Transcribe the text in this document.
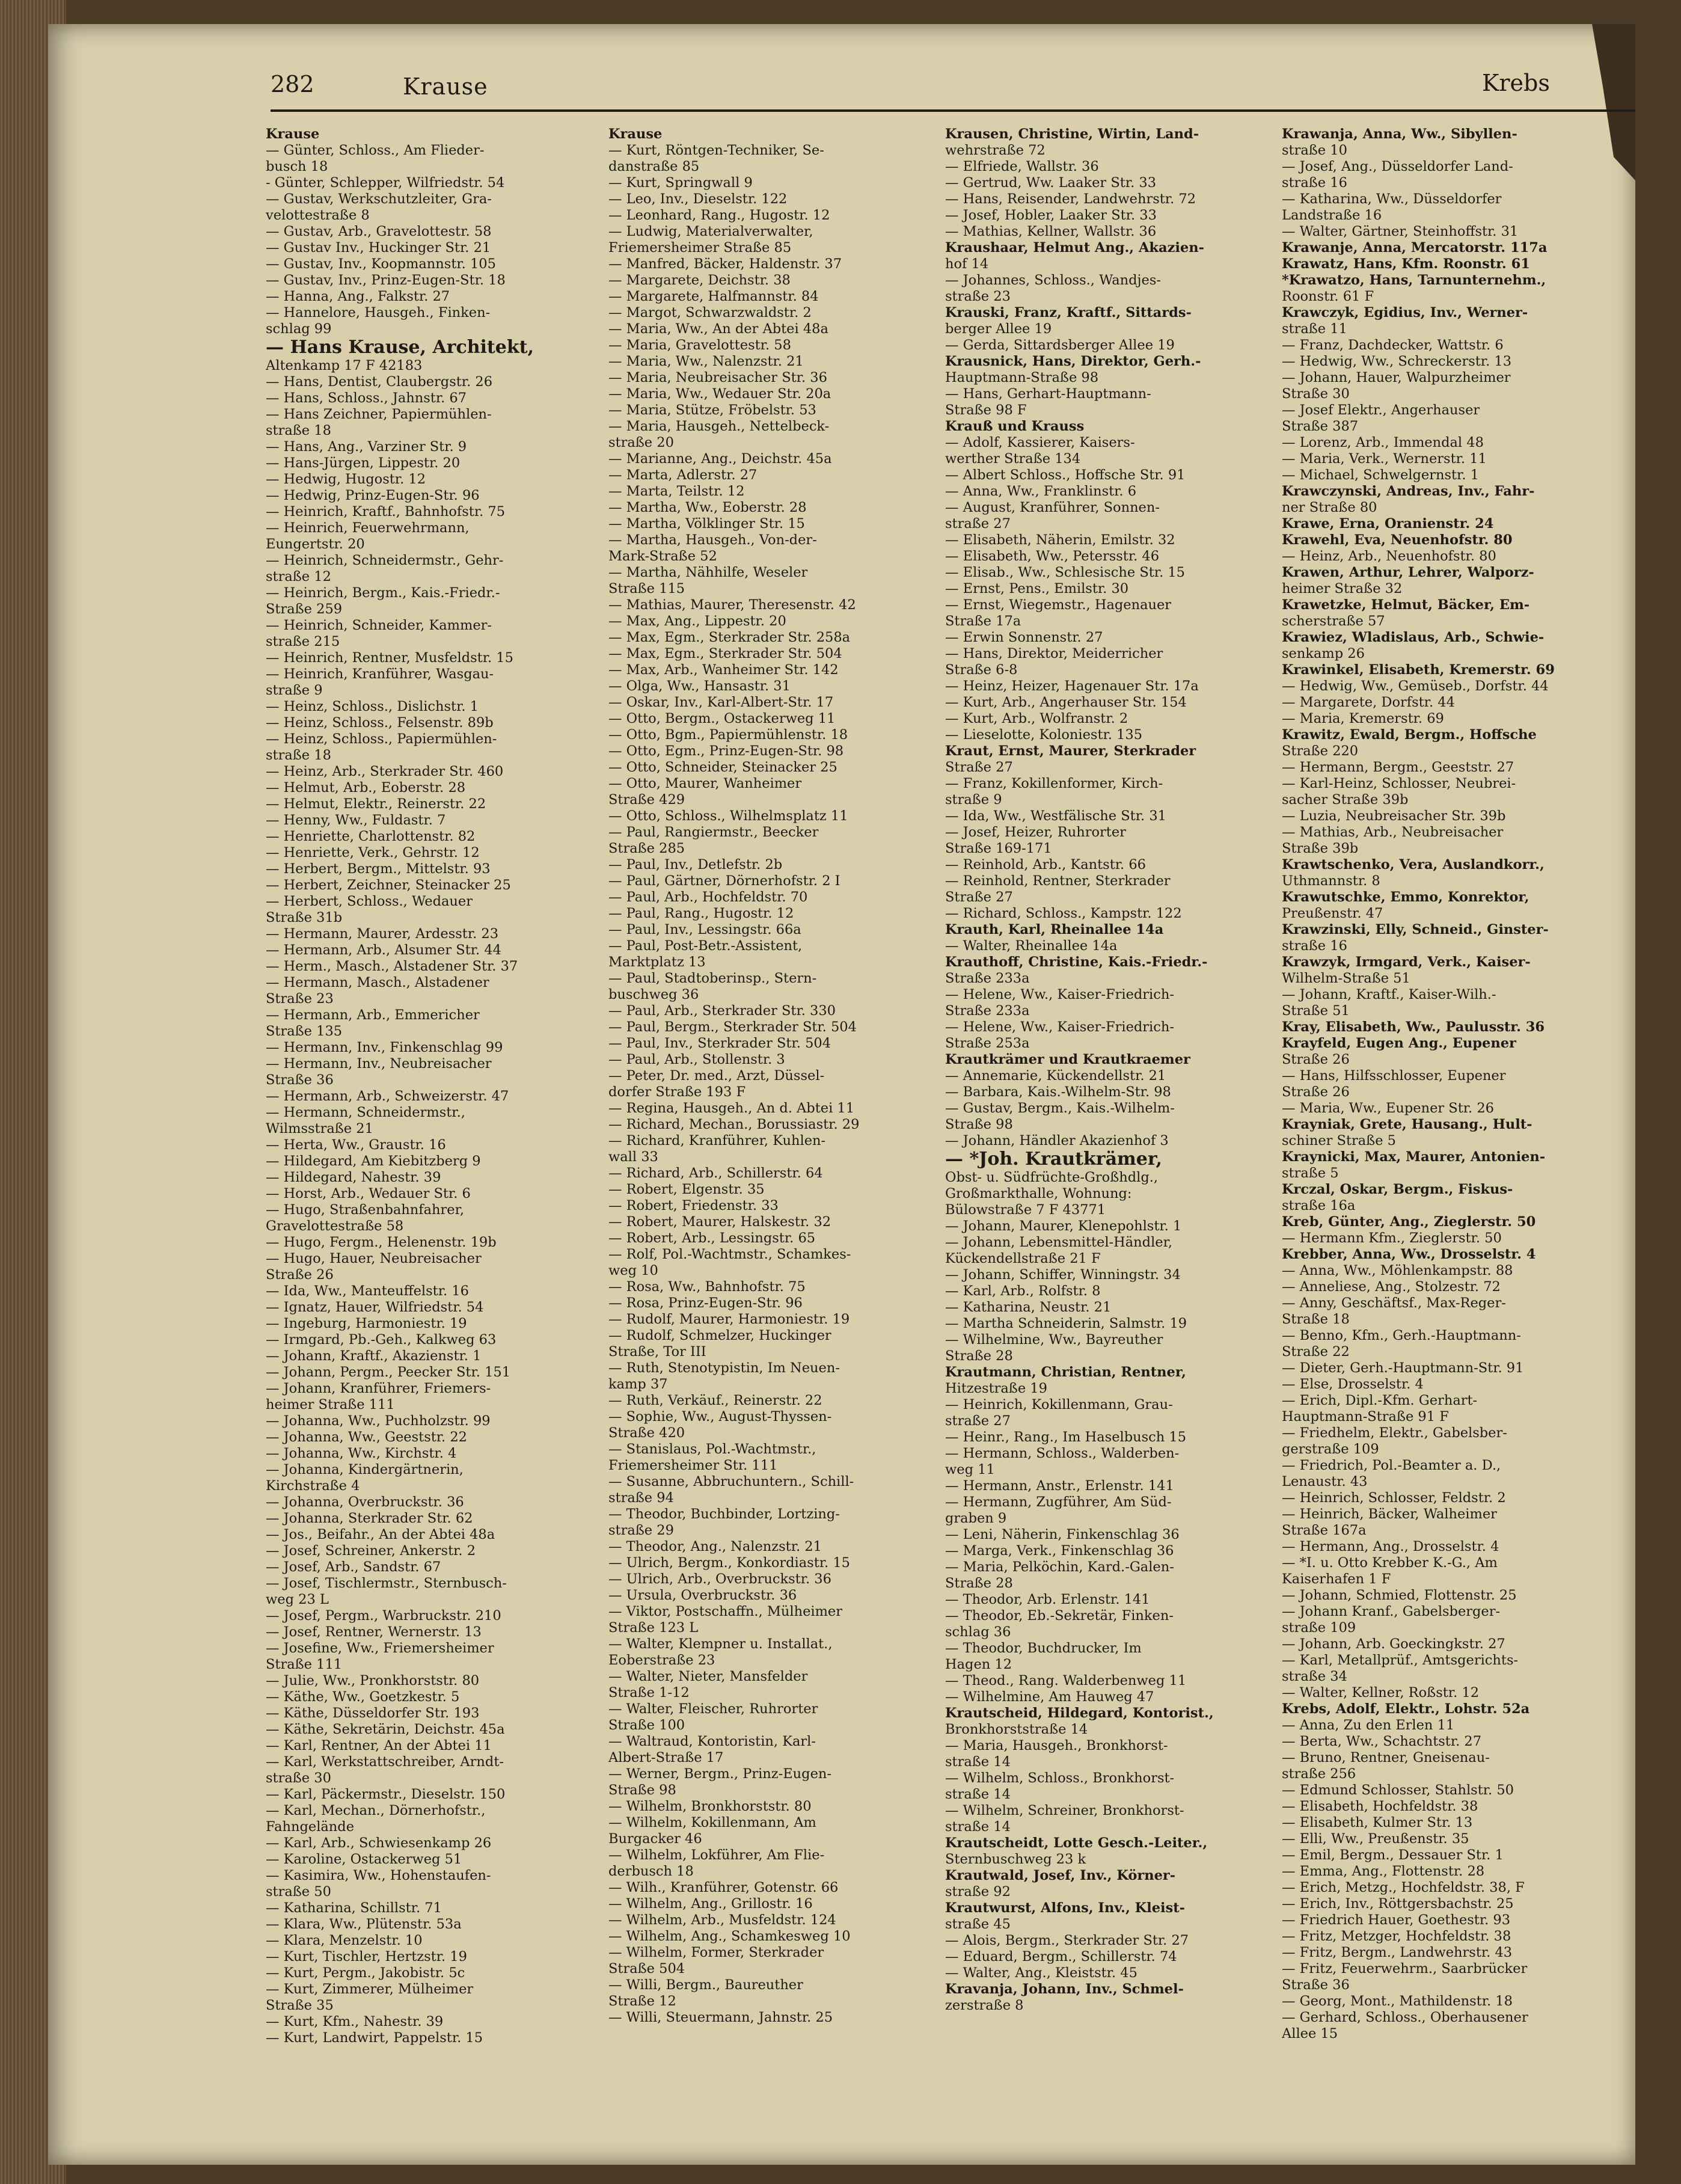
282	Krause	Krebs

Krause

— Günter, Schloss., Am Flieder-

busch 18

- Günter, Schlepper, Wilfriedstr. 54

— Gustav, Werkschutzleiter, Gra-

velottestraße 8

— Gustav, Arb., Gravelottestr. 58

— Gustav Inv., Huckinger Str. 21

— Gustav, Inv., Koopmannstr. 105

— Gustav, Inv., Prinz-Eugen-Str. 18

— Hanna, Ang., Falkstr. 27

— Hannelore, Hausgeh., Finken-

schlag 99

— Hans Krause, Architekt,

Altenkamp 17 F 42183

— Hans, Dentist, Claubergstr. 26

— Hans, Schloss., Jahnstr. 67

— Hans Zeichner, Papiermühlen-

straße 18

— Hans, Ang., Varziner Str. 9

— Hans-Jürgen, Lippestr. 20

— Hedwig, Hugostr. 12

— Hedwig, Prinz-Eugen-Str. 96

— Heinrich, Kraftf., Bahnhofstr. 75

— Heinrich, Feuerwehrmann,

Eungertstr. 20

— Heinrich, Schneidermstr., Gehr-

straße 12

— Heinrich, Bergm., Kais.-Friedr.-

Straße 259

— Heinrich, Schneider, Kammer-

straße 215

— Heinrich, Rentner, Musfeldstr. 15

— Heinrich, Kranführer, Wasgau-

straße 9

— Heinz, Schloss., Dislichstr. 1

— Heinz, Schloss., Felsenstr. 89b

— Heinz, Schloss., Papiermühlen-

straße 18

— Heinz, Arb., Sterkrader Str. 460

— Helmut, Arb., Eoberstr. 28

— Helmut, Elektr., Reinerstr. 22

— Henny, Ww., Fuldastr. 7

— Henriette, Charlottenstr. 82

— Henriette, Verk., Gehrstr. 12

— Herbert, Bergm., Mittelstr. 93

— Herbert, Zeichner, Steinacker 25

— Herbert, Schloss., Wedauer

Straße 31b

— Hermann, Maurer, Ardesstr. 23

— Hermann, Arb., Alsumer Str. 44

— Herm., Masch., Alstadener Str. 37

— Hermann, Masch., Alstadener

Straße 23

— Hermann, Arb., Emmericher

Straße 135

— Hermann, Inv., Finkenschlag 99

— Hermann, Inv., Neubreisacher

Straße 36

— Hermann, Arb., Schweizerstr. 47

— Hermann, Schneidermstr.,

Wilmsstraße 21

— Herta, Ww., Graustr. 16

— Hildegard, Am Kiebitzberg 9

— Hildegard, Nahestr. 39

— Horst, Arb., Wedauer Str. 6

— Hugo, Straßenbahnfahrer,

Gravelottestraße 58

— Hugo, Fergm., Helenenstr. 19b

— Hugo, Hauer, Neubreisacher

Straße 26

— Ida, Ww., Manteuffelstr. 16

— Ignatz, Hauer, Wilfriedstr. 54

— Ingeburg, Harmoniestr. 19

— Irmgard, Pb.-Geh., Kalkweg 63

— Johann, Kraftf., Akazienstr. 1

— Johann, Pergm., Peecker Str. 151

— Johann, Kranführer, Friemers-

heimer Straße 111

— Johanna, Ww., Puchholzstr. 99

— Johanna, Ww., Geeststr. 22

— Johanna, Ww., Kirchstr. 4

— Johanna, Kindergärtnerin,

Kirchstraße 4

— Johanna, Overbruckstr. 36

— Johanna, Sterkrader Str. 62

— Jos., Beifahr., An der Abtei 48a

— Josef, Schreiner, Ankerstr. 2

— Josef, Arb., Sandstr. 67

— Josef, Tischlermstr., Sternbusch-

weg 23 L

— Josef, Pergm., Warbruckstr. 210

— Josef, Rentner, Wernerstr. 13

— Josefine, Ww., Friemersheimer

Straße 111

— Julie, Ww., Pronkhorststr. 80

— Käthe, Ww., Goetzkestr. 5

— Käthe, Düsseldorfer Str. 193

— Käthe, Sekretärin, Deichstr. 45a

— Karl, Rentner, An der Abtei 11

— Karl, Werkstattschreiber, Arndt-

straße 30

— Karl, Päckermstr., Dieselstr. 150

— Karl, Mechan., Dörnerhofstr.,

Fahngelände

— Karl, Arb., Schwiesenkamp 26

— Karoline, Ostackerweg 51

— Kasimira, Ww., Hohenstaufen-

straße 50

— Katharina, Schillstr. 71

— Klara, Ww., Plütenstr. 53a

— Klara, Menzelstr. 10

— Kurt, Tischler, Hertzstr. 19

— Kurt, Pergm., Jakobistr. 5c

— Kurt, Zimmerer, Mülheimer

Straße 35

— Kurt, Kfm., Nahestr. 39

— Kurt, Landwirt, Pappelstr. 15

Krause

— Kurt, Röntgen-Techniker, Se-

danstraße 85

— Kurt, Springwall 9

— Leo, Inv., Dieselstr. 122

— Leonhard, Rang., Hugostr. 12

— Ludwig, Materialverwalter,

Friemersheimer Straße 85

— Manfred, Bäcker, Haldenstr. 37

— Margarete, Deichstr. 38

— Margarete, Halfmannstr. 84

— Margot, Schwarzwaldstr. 2

— Maria, Ww., An der Abtei 48a

— Maria, Gravelottestr. 58

— Maria, Ww., Nalenzstr. 21

— Maria, Neubreisacher Str. 36

— Maria, Ww., Wedauer Str. 20a

— Maria, Stütze, Fröbelstr. 53

— Maria, Hausgeh., Nettelbeck-

straße 20

— Marianne, Ang., Deichstr. 45a

— Marta, Adlerstr. 27

— Marta, Teilstr. 12

— Martha, Ww., Eoberstr. 28

— Martha, Völklinger Str. 15

— Martha, Hausgeh., Von-der-

Mark-Straße 52

— Martha, Nähhilfe, Weseler

Straße 115

— Mathias, Maurer, Theresenstr. 42

— Max, Ang., Lippestr. 20

— Max, Egm., Sterkrader Str. 258a

— Max, Egm., Sterkrader Str. 504

— Max, Arb., Wanheimer Str. 142

— Olga, Ww., Hansastr. 31

— Oskar, Inv., Karl-Albert-Str. 17

— Otto, Bergm., Ostackerweg 11

— Otto, Bgm., Papiermühlenstr. 18

— Otto, Egm., Prinz-Eugen-Str. 98

— Otto, Schneider, Steinacker 25

— Otto, Maurer, Wanheimer

Straße 429

— Otto, Schloss., Wilhelmsplatz 11

— Paul, Rangiermstr., Beecker

Straße 285

— Paul, Inv., Detlefstr. 2b

— Paul, Gärtner, Dörnerhofstr. 2 I

— Paul, Arb., Hochfeldstr. 70

— Paul, Rang., Hugostr. 12

— Paul, Inv., Lessingstr. 66a

— Paul, Post-Betr.-Assistent,

Marktplatz 13

— Paul, Stadtoberinsp., Stern-

buschweg 36

— Paul, Arb., Sterkrader Str. 330

— Paul, Bergm., Sterkrader Str. 504

— Paul, Inv., Sterkrader Str. 504

— Paul, Arb., Stollenstr. 3

— Peter, Dr. med., Arzt, Düssel-

dorfer Straße 193 F

— Regina, Hausgeh., An d. Abtei 11

— Richard, Mechan., Borussiastr. 29

— Richard, Kranführer, Kuhlen-

wall 33

— Richard, Arb., Schillerstr. 64

— Robert, Elgenstr. 35

— Robert, Friedenstr. 33

— Robert, Maurer, Halskestr. 32

— Robert, Arb., Lessingstr. 65

— Rolf, Pol.-Wachtmstr., Schamkes-

weg 10

— Rosa, Ww., Bahnhofstr. 75

— Rosa, Prinz-Eugen-Str. 96

— Rudolf, Maurer, Harmoniestr. 19

— Rudolf, Schmelzer, Huckinger

Straße, Tor III

— Ruth, Stenotypistin, Im Neuen-

kamp 37

— Ruth, Verkäuf., Reinerstr. 22

— Sophie, Ww., August-Thyssen-

Straße 420

— Stanislaus, Pol.-Wachtmstr.,

Friemersheimer Str. 111

— Susanne, Abbruchuntern., Schill-

straße 94

— Theodor, Buchbinder, Lortzing-

straße 29

— Theodor, Ang., Nalenzstr. 21

— Ulrich, Bergm., Konkordiastr. 15

— Ulrich, Arb., Overbruckstr. 36

— Ursula, Overbruckstr. 36

— Viktor, Postschaffn., Mülheimer

Straße 123 L

— Walter, Klempner u. Installat.,

Eoberstraße 23

— Walter, Nieter, Mansfelder

Straße 1-12

— Walter, Fleischer, Ruhrorter

Straße 100

— Waltraud, Kontoristin, Karl-

Albert-Straße 17

— Werner, Bergm., Prinz-Eugen-

Straße 98

— Wilhelm, Bronkhorststr. 80

— Wilhelm, Kokillenmann, Am

Burgacker 46

— Wilhelm, Lokführer, Am Flie-

derbusch 18

— Wilh., Kranführer, Gotenstr. 66

— Wilhelm, Ang., Grillostr. 16

— Wilhelm, Arb., Musfeldstr. 124

— Wilhelm, Ang., Schamkesweg 10

— Wilhelm, Former, Sterkrader

Straße 504

— Willi, Bergm., Baureuther

Straße 12

— Willi, Steuermann, Jahnstr. 25

Krausen, Christine, Wirtin, Land-

wehrstraße 72

— Elfriede, Wallstr. 36

— Gertrud, Ww. Laaker Str. 33

— Hans, Reisender, Landwehrstr. 72

— Josef, Hobler, Laaker Str. 33

— Mathias, Kellner, Wallstr. 36

Kraushaar, Helmut Ang., Akazien-

hof 14

— Johannes, Schloss., Wandjes-

straße 23

Krauski, Franz, Kraftf., Sittards-

berger Allee 19

— Gerda, Sittardsberger Allee 19

Krausnick, Hans, Direktor, Gerh.-

Hauptmann-Straße 98

— Hans, Gerhart-Hauptmann-

Straße 98 F

Krauß und Krauss

— Adolf, Kassierer, Kaisers-

werther Straße 134

— Albert Schloss., Hoffsche Str. 91

— Anna, Ww., Franklinstr. 6

— August, Kranführer, Sonnen-

straße 27

— Elisabeth, Näherin, Emilstr. 32

— Elisabeth, Ww., Petersstr. 46

— Elisab., Ww., Schlesische Str. 15

— Ernst, Pens., Emilstr. 30

— Ernst, Wiegemstr., Hagenauer

Straße 17a

— Erwin Sonnenstr. 27

— Hans, Direktor, Meiderricher

Straße 6-8

— Heinz, Heizer, Hagenauer Str. 17a

— Kurt, Arb., Angerhauser Str. 154

— Kurt, Arb., Wolfranstr. 2

— Lieselotte, Koloniestr. 135

Kraut, Ernst, Maurer, Sterkrader

Straße 27

— Franz, Kokillenformer, Kirch-

straße 9

— Ida, Ww., Westfälische Str. 31

— Josef, Heizer, Ruhrorter

Straße 169-171

— Reinhold, Arb., Kantstr. 66

— Reinhold, Rentner, Sterkrader

Straße 27

— Richard, Schloss., Kampstr. 122

Krauth, Karl, Rheinallee 14a

— Walter, Rheinallee 14a

Krauthoff, Christine, Kais.-Friedr.-

Straße 233a

— Helene, Ww., Kaiser-Friedrich-

Straße 233a

— Helene, Ww., Kaiser-Friedrich-

Straße 253a

Krautkrämer und Krautkraemer

— Annemarie, Kückendellstr. 21

— Barbara, Kais.-Wilhelm-Str. 98

— Gustav, Bergm., Kais.-Wilhelm-

Straße 98

— Johann, Händler Akazienhof 3

— *Joh. Krautkrämer,

Obst- u. Südfrüchte-Großhdlg.,

Großmarkthalle, Wohnung:

Bülowstraße 7 F 43771

— Johann, Maurer, Klenepohlstr. 1

— Johann, Lebensmittel-Händler,

Kückendellstraße 21 F

— Johann, Schiffer, Winningstr. 34

— Karl, Arb., Rolfstr. 8

— Katharina, Neustr. 21

— Martha Schneiderin, Salmstr. 19

— Wilhelmine, Ww., Bayreuther

Straße 28

Krautmann, Christian, Rentner,

Hitzestraße 19

— Heinrich, Kokillenmann, Grau-

straße 27

— Heinr., Rang., Im Haselbusch 15

— Hermann, Schloss., Walderben-

weg 11

— Hermann, Anstr., Erlenstr. 141

— Hermann, Zugführer, Am Süd-

graben 9

— Leni, Näherin, Finkenschlag 36

— Marga, Verk., Finkenschlag 36

— Maria, Pelköchin, Kard.-Galen-

Straße 28

— Theodor, Arb. Erlenstr. 141

— Theodor, Eb.-Sekretär, Finken-

schlag 36

— Theodor, Buchdrucker, Im

Hagen 12

— Theod., Rang. Walderbenweg 11

— Wilhelmine, Am Hauweg 47

Krautscheid, Hildegard, Kontorist.,

Bronkhorststraße 14

— Maria, Hausgeh., Bronkhorst-

straße 14

— Wilhelm, Schloss., Bronkhorst-

straße 14

— Wilhelm, Schreiner, Bronkhorst-

straße 14

Krautscheidt, Lotte Gesch.-Leiter.,

Sternbuschweg 23 k

Krautwald, Josef, Inv., Körner-

straße 92

Krautwurst, Alfons, Inv., Kleist-

straße 45

— Alois, Bergm., Sterkrader Str. 27

— Eduard, Bergm., Schillerstr. 74

— Walter, Ang., Kleiststr. 45

Kravanja, Johann, Inv., Schmel-

zerstraße 8

Krawanja, Anna, Ww., Sibyllen-

straße 10

— Josef, Ang., Düsseldorfer Land-

straße 16

— Katharina, Ww., Düsseldorfer

Landstraße 16

— Walter, Gärtner, Steinhoffstr. 31

Krawanje, Anna, Mercatorstr. 117a

Krawatz, Hans, Kfm. Roonstr. 61

*Krawatzo, Hans, Tarnunternehm.,

Roonstr. 61 F

Krawczyk, Egidius, Inv., Werner-

straße 11

— Franz, Dachdecker, Wattstr. 6

— Hedwig, Ww., Schreckerstr. 13

— Johann, Hauer, Walpurzheimer

Straße 30

— Josef Elektr., Angerhauser

Straße 387

— Lorenz, Arb., Immendal 48

— Maria, Verk., Wernerstr. 11

— Michael, Schwelgernstr. 1

Krawczynski, Andreas, Inv., Fahr-

ner Straße 80

Krawe, Erna, Oranienstr. 24

Krawehl, Eva, Neuenhofstr. 80

— Heinz, Arb., Neuenhofstr. 80

Krawen, Arthur, Lehrer, Walporz-

heimer Straße 32

Krawetzke, Helmut, Bäcker, Em-

scherstraße 57

Krawiez, Wladislaus, Arb., Schwie-

senkamp 26

Krawinkel, Elisabeth, Kremerstr. 69

— Hedwig, Ww., Gemüseb., Dorfstr. 44

— Margarete, Dorfstr. 44

— Maria, Kremerstr. 69

Krawitz, Ewald, Bergm., Hoffsche

Straße 220

— Hermann, Bergm., Geeststr. 27

— Karl-Heinz, Schlosser, Neubrei-

sacher Straße 39b

— Luzia, Neubreisacher Str. 39b

— Mathias, Arb., Neubreisacher

Straße 39b

Krawtschenko, Vera, Auslandkorr.,

Uthmannstr. 8

Krawutschke, Emmo, Konrektor,

Preußenstr. 47

Krawzinski, Elly, Schneid., Ginster-

straße 16

Krawzyk, Irmgard, Verk., Kaiser-

Wilhelm-Straße 51

— Johann, Kraftf., Kaiser-Wilh.-

Straße 51

Kray, Elisabeth, Ww., Paulusstr. 36

Krayfeld, Eugen Ang., Eupener

Straße 26

— Hans, Hilfsschlosser, Eupener

Straße 26

— Maria, Ww., Eupener Str. 26

Krayniak, Grete, Hausang., Hult-

schiner Straße 5

Kraynicki, Max, Maurer, Antonien-

straße 5

Krczal, Oskar, Bergm., Fiskus-

straße 16a

Kreb, Günter, Ang., Zieglerstr. 50

— Hermann Kfm., Zieglerstr. 50

Krebber, Anna, Ww., Drosselstr. 4

— Anna, Ww., Möhlenkampstr. 88

— Anneliese, Ang., Stolzestr. 72

— Anny, Geschäftsf., Max-Reger-

Straße 18

— Benno, Kfm., Gerh.-Hauptmann-

Straße 22

— Dieter, Gerh.-Hauptmann-Str. 91

— Else, Drosselstr. 4

— Erich, Dipl.-Kfm. Gerhart-

Hauptmann-Straße 91 F

— Friedhelm, Elektr., Gabelsber-

gerstraße 109

— Friedrich, Pol.-Beamter a. D.,

Lenaustr. 43

— Heinrich, Schlosser, Feldstr. 2

— Heinrich, Bäcker, Walheimer

Straße 167a

— Hermann, Ang., Drosselstr. 4

— *I. u. Otto Krebber K.-G., Am

Kaiserhafen 1 F

— Johann, Schmied, Flottenstr. 25

— Johann Kranf., Gabelsberger-

straße 109

— Johann, Arb. Goeckingkstr. 27

— Karl, Metallprüf., Amtsgerichts-

straße 34

— Walter, Kellner, Roßstr. 12

Krebs, Adolf, Elektr., Lohstr. 52a

— Anna, Zu den Erlen 11

— Berta, Ww., Schachtstr. 27

— Bruno, Rentner, Gneisenau-

straße 256

— Edmund Schlosser, Stahlstr. 50

— Elisabeth, Hochfeldstr. 38

— Elisabeth, Kulmer Str. 13

— Elli, Ww., Preußenstr. 35

— Emil, Bergm., Dessauer Str. 1

— Emma, Ang., Flottenstr. 28

— Erich, Metzg., Hochfeldstr. 38, F

— Erich, Inv., Röttgersbachstr. 25

— Friedrich Hauer, Goethestr. 93

— Fritz, Metzger, Hochfeldstr. 38

— Fritz, Bergm., Landwehrstr. 43

— Fritz, Feuerwehrm., Saarbrücker

Straße 36

— Georg, Mont., Mathildenstr. 18

— Gerhard, Schloss., Oberhausener

Allee 15
